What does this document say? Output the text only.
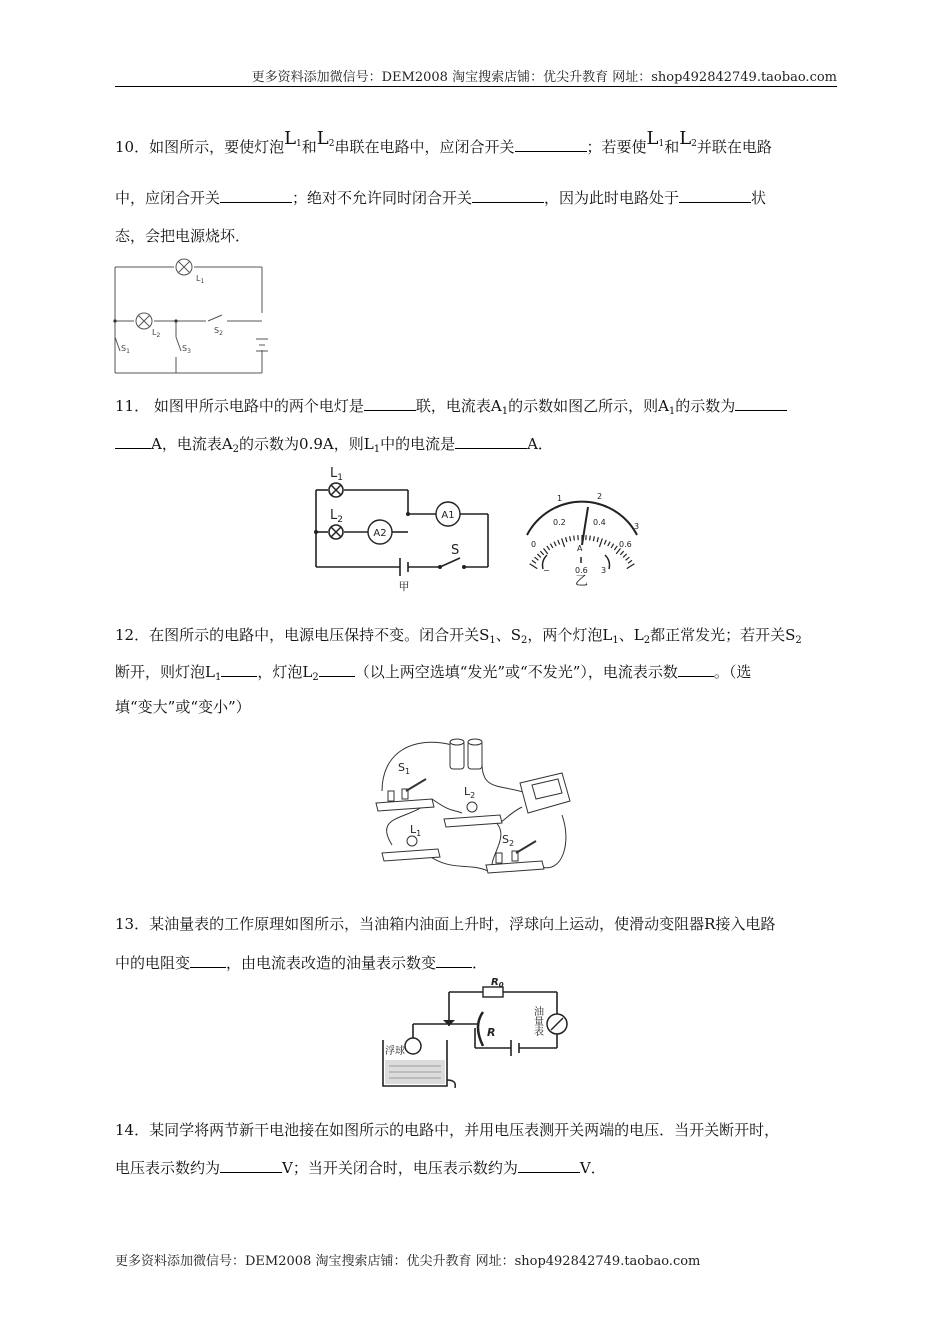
更多资料添加微信号：DEM2008 淘宝搜索店铺：优尖升教育 网址：shop492842749.taobao.com
10．如图所示，要使灯泡L1和L2串联在电路中，应闭合开关	；若要使L1和L2并联在电路
中，应闭合开关	；绝对不允许同时闭合开关	，因为此时电路处于	状
态，会把电源烧坏．
$L_1$
$L_2$
$S_2$
$S_1$	$S_3$
11． 如图甲所示电路中的两个电灯是	联，电流表$A_1$的示数如图乙所示，则$A_1$的示数为
A，电流表$A_2$的示数为0.9A，则$L_1$中的电流是	A．
A2
A1
$L_1$
$L_2$
S
甲
1	2
3
0.2	0.4
0.6
0	A
−	0.6 3
乙
12．在图所示的电路中，电源电压保持不变。闭合开关$S_1$、$S_2$，两个灯泡$L_1$、$L_2$都正常发光；若开关$S_2$
断开，则灯泡$L_1$ ，灯泡$L_2$ （以上两空选填“发光”或“不发光”），电流表示数 。（选
填“变大”或“变小”）
$S_1$
$L_2$
$L_1$	$S_2$
13．某油量表的工作原理如图所示，当油箱内油面上升时，浮球向上运动，使滑动变阻器R接入电路
中的电阻变 ，由电流表改造的油量表示数变 ．
$R_0$
R	油量表
浮球
14．某同学将两节新干电池接在如图所示的电路中，并用电压表测开关两端的电压．当开关断开时，
电压表示数约为	V；当开关闭合时，电压表示数约为	V．
更多资料添加微信号：DEM2008 淘宝搜索店铺：优尖升教育 网址：shop492842749.taobao.com
